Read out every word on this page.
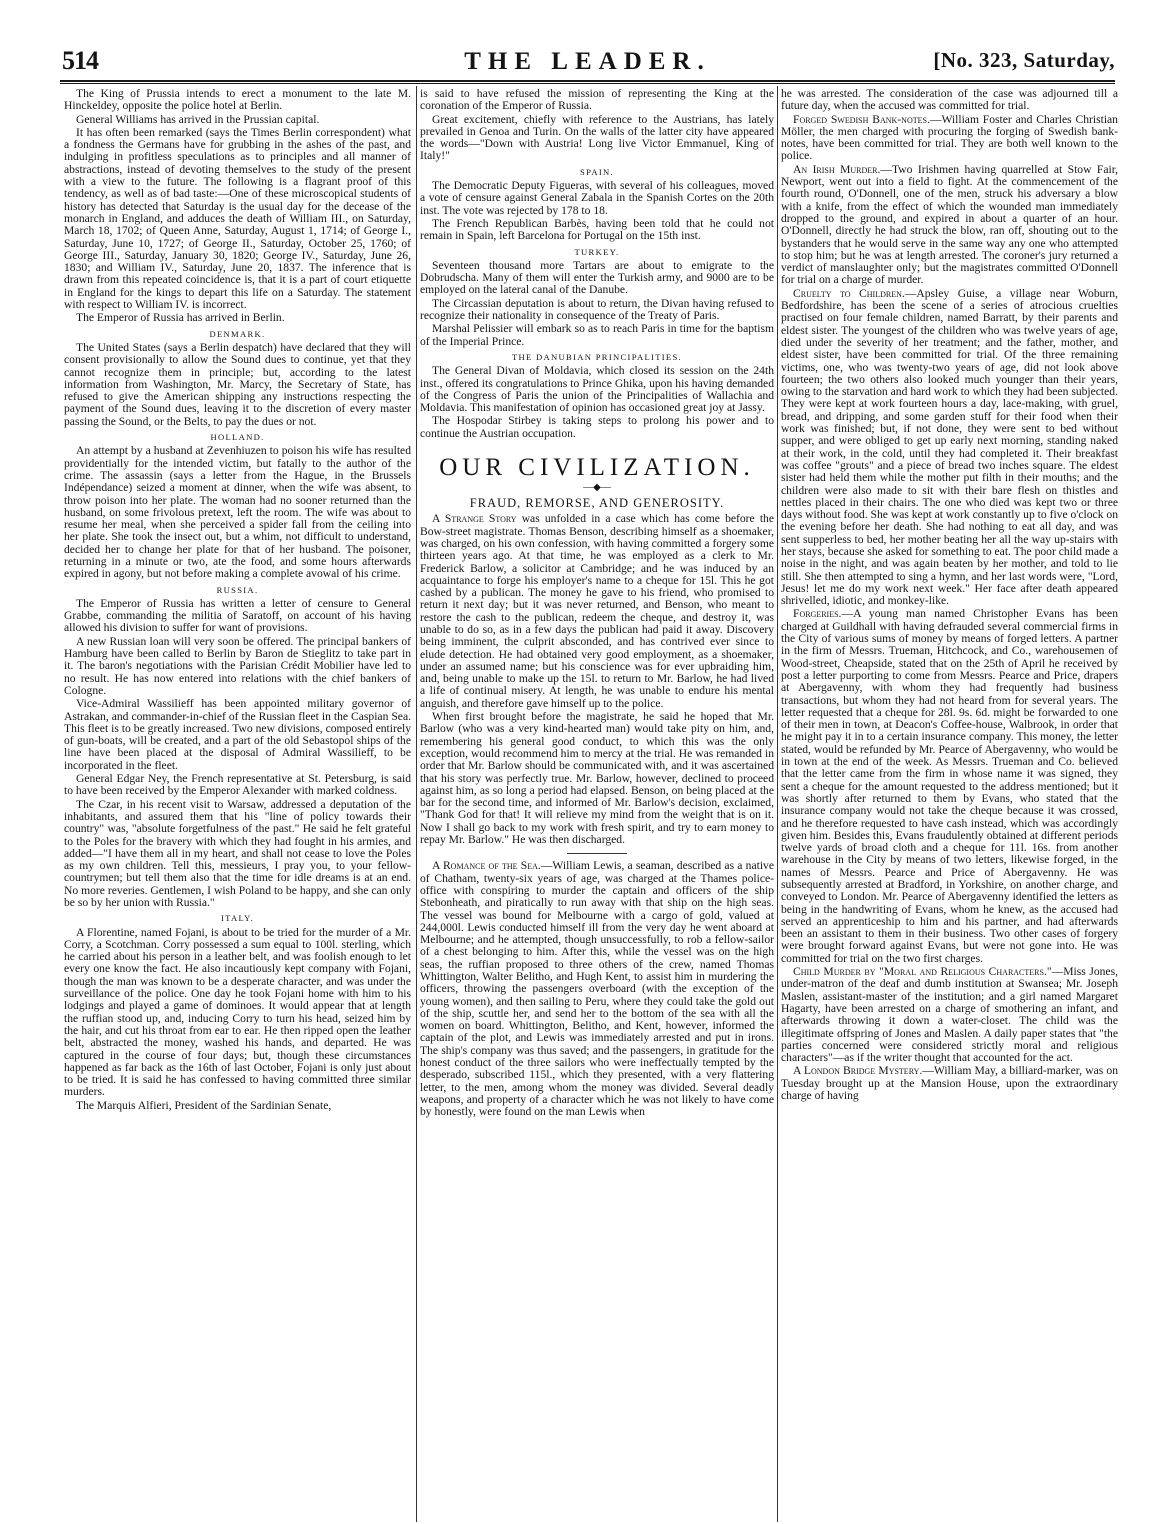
514	THE LEADER.	[No. 323, Saturday,

The King of Prussia intends to erect a monument to the late M. Hinckeldey, opposite the police hotel at Berlin.

General Williams has arrived in the Prussian capital.

It has often been remarked (says the Times Berlin correspondent) what a fondness the Germans have for grubbing in the ashes of the past, and indulging in profitless speculations as to principles and all manner of abstractions, instead of devoting themselves to the study of the present with a view to the future. The following is a flagrant proof of this tendency, as well as of bad taste:—One of these microscopical students of history has detected that Saturday is the usual day for the decease of the monarch in England, and adduces the death of William III., on Saturday, March 18, 1702; of Queen Anne, Saturday, August 1, 1714; of George I., Saturday, June 10, 1727; of George II., Saturday, October 25, 1760; of George III., Saturday, January 30, 1820; George IV., Saturday, June 26, 1830; and William IV., Saturday, June 20, 1837. The inference that is drawn from this repeated coincidence is, that it is a part of court etiquette in England for the kings to depart this life on a Saturday. The statement with respect to William IV. is incorrect.

The Emperor of Russia has arrived in Berlin.

DENMARK.

The United States (says a Berlin despatch) have declared that they will consent provisionally to allow the Sound dues to continue, yet that they cannot recognize them in principle; but, according to the latest information from Washington, Mr. Marcy, the Secretary of State, has refused to give the American shipping any instructions respecting the payment of the Sound dues, leaving it to the discretion of every master passing the Sound, or the Belts, to pay the dues or not.

HOLLAND.

An attempt by a husband at Zevenhiuzen to poison his wife has resulted providentially for the intended victim, but fatally to the author of the crime. The assassin (says a letter from the Hague, in the Brussels Indépendance) seized a moment at dinner, when the wife was absent, to throw poison into her plate. The woman had no sooner returned than the husband, on some frivolous pretext, left the room. The wife was about to resume her meal, when she perceived a spider fall from the ceiling into her plate. She took the insect out, but a whim, not difficult to understand, decided her to change her plate for that of her husband. The poisoner, returning in a minute or two, ate the food, and some hours afterwards expired in agony, but not before making a complete avowal of his crime.

RUSSIA.

The Emperor of Russia has written a letter of censure to General Grabbe, commanding the militia of Saratoff, on account of his having allowed his division to suffer for want of provisions.

A new Russian loan will very soon be offered. The principal bankers of Hamburg have been called to Berlin by Baron de Stieglitz to take part in it. The baron's negotiations with the Parisian Crédit Mobilier have led to no result. He has now entered into relations with the chief bankers of Cologne.

Vice-Admiral Wassilieff has been appointed military governor of Astrakan, and commander-in-chief of the Russian fleet in the Caspian Sea. This fleet is to be greatly increased. Two new divisions, composed entirely of gun-boats, will be created, and a part of the old Sebastopol ships of the line have been placed at the disposal of Admiral Wassilieff, to be incorporated in the fleet.

General Edgar Ney, the French representative at St. Petersburg, is said to have been received by the Emperor Alexander with marked coldness.

The Czar, in his recent visit to Warsaw, addressed a deputation of the inhabitants, and assured them that his "line of policy towards their country" was, "absolute forgetfulness of the past." He said he felt grateful to the Poles for the bravery with which they had fought in his armies, and added—"I have them all in my heart, and shall not cease to love the Poles as my own children. Tell this, messieurs, I pray you, to your fellow-countrymen; but tell them also that the time for idle dreams is at an end. No more reveries. Gentlemen, I wish Poland to be happy, and she can only be so by her union with Russia."

ITALY.

A Florentine, named Fojani, is about to be tried for the murder of a Mr. Corry, a Scotchman. Corry possessed a sum equal to 100l. sterling, which he carried about his person in a leather belt, and was foolish enough to let every one know the fact. He also incautiously kept company with Fojani, though the man was known to be a desperate character, and was under the surveillance of the police. One day he took Fojani home with him to his lodgings and played a game of dominoes. It would appear that at length the ruffian stood up, and, inducing Corry to turn his head, seized him by the hair, and cut his throat from ear to ear. He then ripped open the leather belt, abstracted the money, washed his hands, and departed. He was captured in the course of four days; but, though these circumstances happened as far back as the 16th of last October, Fojani is only just about to be tried. It is said he has confessed to having committed three similar murders.

The Marquis Alfieri, President of the Sardinian Senate,

is said to have refused the mission of representing the King at the coronation of the Emperor of Russia.

Great excitement, chiefly with reference to the Austrians, has lately prevailed in Genoa and Turin. On the walls of the latter city have appeared the words—"Down with Austria! Long live Victor Emmanuel, King of Italy!"

SPAIN.

The Democratic Deputy Figueras, with several of his colleagues, moved a vote of censure against General Zabala in the Spanish Cortes on the 20th inst. The vote was rejected by 178 to 18.

The French Republican Barbès, having been told that he could not remain in Spain, left Barcelona for Portugal on the 15th inst.

TURKEY.

Seventeen thousand more Tartars are about to emigrate to the Dobrudscha. Many of them will enter the Turkish army, and 9000 are to be employed on the lateral canal of the Danube.

The Circassian deputation is about to return, the Divan having refused to recognize their nationality in consequence of the Treaty of Paris.

Marshal Pelissier will embark so as to reach Paris in time for the baptism of the Imperial Prince.

THE DANUBIAN PRINCIPALITIES.

The General Divan of Moldavia, which closed its session on the 24th inst., offered its congratulations to Prince Ghika, upon his having demanded of the Congress of Paris the union of the Principalities of Wallachia and Moldavia. This manifestation of opinion has occasioned great joy at Jassy.

The Hospodar Stirbey is taking steps to prolong his power and to continue the Austrian occupation.

OUR CIVILIZATION.
—◆—
FRAUD, REMORSE, AND GENEROSITY.

A Strange Story was unfolded in a case which has come before the Bow-street magistrate. Thomas Benson, describing himself as a shoemaker, was charged, on his own confession, with having committed a forgery some thirteen years ago. At that time, he was employed as a clerk to Mr. Frederick Barlow, a solicitor at Cambridge; and he was induced by an acquaintance to forge his employer's name to a cheque for 15l. This he got cashed by a publican. The money he gave to his friend, who promised to return it next day; but it was never returned, and Benson, who meant to restore the cash to the publican, redeem the cheque, and destroy it, was unable to do so, as in a few days the publican had paid it away. Discovery being imminent, the culprit absconded, and has contrived ever since to elude detection. He had obtained very good employment, as a shoemaker, under an assumed name; but his conscience was for ever upbraiding him, and, being unable to make up the 15l. to return to Mr. Barlow, he had lived a life of continual misery. At length, he was unable to endure his mental anguish, and therefore gave himself up to the police.

When first brought before the magistrate, he said he hoped that Mr. Barlow (who was a very kind-hearted man) would take pity on him, and, remembering his general good conduct, to which this was the only exception, would recommend him to mercy at the trial. He was remanded in order that Mr. Barlow should be communicated with, and it was ascertained that his story was perfectly true. Mr. Barlow, however, declined to proceed against him, as so long a period had elapsed. Benson, on being placed at the bar for the second time, and informed of Mr. Barlow's decision, exclaimed, "Thank God for that! It will relieve my mind from the weight that is on it. Now I shall go back to my work with fresh spirit, and try to earn money to repay Mr. Barlow." He was then discharged.

A Romance of the Sea.—William Lewis, a seaman, described as a native of Chatham, twenty-six years of age, was charged at the Thames police-office with conspiring to murder the captain and officers of the ship Stebonheath, and piratically to run away with that ship on the high seas. The vessel was bound for Melbourne with a cargo of gold, valued at 244,000l. Lewis conducted himself ill from the very day he went aboard at Melbourne; and he attempted, though unsuccessfully, to rob a fellow-sailor of a chest belonging to him. After this, while the vessel was on the high seas, the ruffian proposed to three others of the crew, named Thomas Whittington, Walter Belitho, and Hugh Kent, to assist him in murdering the officers, throwing the passengers overboard (with the exception of the young women), and then sailing to Peru, where they could take the gold out of the ship, scuttle her, and send her to the bottom of the sea with all the women on board. Whittington, Belitho, and Kent, however, informed the captain of the plot, and Lewis was immediately arrested and put in irons. The ship's company was thus saved; and the passengers, in gratitude for the honest conduct of the three sailors who were ineffectually tempted by the desperado, subscribed 115l., which they presented, with a very flattering letter, to the men, among whom the money was divided. Several deadly weapons, and property of a character which he was not likely to have come by honestly, were found on the man Lewis when

he was arrested. The consideration of the case was adjourned till a future day, when the accused was committed for trial.

Forged Swedish Bank-notes.—William Foster and Charles Christian Möller, the men charged with procuring the forging of Swedish bank-notes, have been committed for trial. They are both well known to the police.

An Irish Murder.—Two Irishmen having quarrelled at Stow Fair, Newport, went out into a field to fight. At the commencement of the fourth round, O'Donnell, one of the men, struck his adversary a blow with a knife, from the effect of which the wounded man immediately dropped to the ground, and expired in about a quarter of an hour. O'Donnell, directly he had struck the blow, ran off, shouting out to the bystanders that he would serve in the same way any one who attempted to stop him; but he was at length arrested. The coroner's jury returned a verdict of manslaughter only; but the magistrates committed O'Donnell for trial on a charge of murder.

Cruelty to Children.—Apsley Guise, a village near Woburn, Bedfordshire, has been the scene of a series of atrocious cruelties practised on four female children, named Barratt, by their parents and eldest sister. The youngest of the children who was twelve years of age, died under the severity of her treatment; and the father, mother, and eldest sister, have been committed for trial. Of the three remaining victims, one, who was twenty-two years of age, did not look above fourteen; the two others also looked much younger than their years, owing to the starvation and hard work to which they had been subjected. They were kept at work fourteen hours a day, lace-making, with gruel, bread, and dripping, and some garden stuff for their food when their work was finished; but, if not done, they were sent to bed without supper, and were obliged to get up early next morning, standing naked at their work, in the cold, until they had completed it. Their breakfast was coffee "grouts" and a piece of bread two inches square. The eldest sister had held them while the mother put filth in their mouths; and the children were also made to sit with their bare flesh on thistles and nettles placed in their chairs. The one who died was kept two or three days without food. She was kept at work constantly up to five o'clock on the evening before her death. She had nothing to eat all day, and was sent supperless to bed, her mother beating her all the way up-stairs with her stays, because she asked for something to eat. The poor child made a noise in the night, and was again beaten by her mother, and told to lie still. She then attempted to sing a hymn, and her last words were, "Lord, Jesus! let me do my work next week." Her face after death appeared shrivelled, idiotic, and monkey-like.

Forgeries.—A young man named Christopher Evans has been charged at Guildhall with having defrauded several commercial firms in the City of various sums of money by means of forged letters. A partner in the firm of Messrs. Trueman, Hitchcock, and Co., warehousemen of Wood-street, Cheapside, stated that on the 25th of April he received by post a letter purporting to come from Messrs. Pearce and Price, drapers at Abergavenny, with whom they had frequently had business transactions, but whom they had not heard from for several years. The letter requested that a cheque for 28l. 9s. 6d. might be forwarded to one of their men in town, at Deacon's Coffee-house, Walbrook, in order that he might pay it in to a certain insurance company. This money, the letter stated, would be refunded by Mr. Pearce of Abergavenny, who would be in town at the end of the week. As Messrs. Trueman and Co. believed that the letter came from the firm in whose name it was signed, they sent a cheque for the amount requested to the address mentioned; but it was shortly after returned to them by Evans, who stated that the insurance company would not take the cheque because it was crossed, and he therefore requested to have cash instead, which was accordingly given him. Besides this, Evans fraudulently obtained at different periods twelve yards of broad cloth and a cheque for 11l. 16s. from another warehouse in the City by means of two letters, likewise forged, in the names of Messrs. Pearce and Price of Abergavenny. He was subsequently arrested at Bradford, in Yorkshire, on another charge, and conveyed to London. Mr. Pearce of Abergavenny identified the letters as being in the handwriting of Evans, whom he knew, as the accused had served an apprenticeship to him and his partner, and had afterwards been an assistant to them in their business. Two other cases of forgery were brought forward against Evans, but were not gone into. He was committed for trial on the two first charges.

Child Murder by "Moral and Religious Characters."—Miss Jones, under-matron of the deaf and dumb institution at Swansea; Mr. Joseph Maslen, assistant-master of the institution; and a girl named Margaret Hagarty, have been arrested on a charge of smothering an infant, and afterwards throwing it down a water-closet. The child was the illegitimate offspring of Jones and Maslen. A daily paper states that "the parties concerned were considered strictly moral and religious characters"—as if the writer thought that accounted for the act.

A London Bridge Mystery.—William May, a billiard-marker, was on Tuesday brought up at the Mansion House, upon the extraordinary charge of having
